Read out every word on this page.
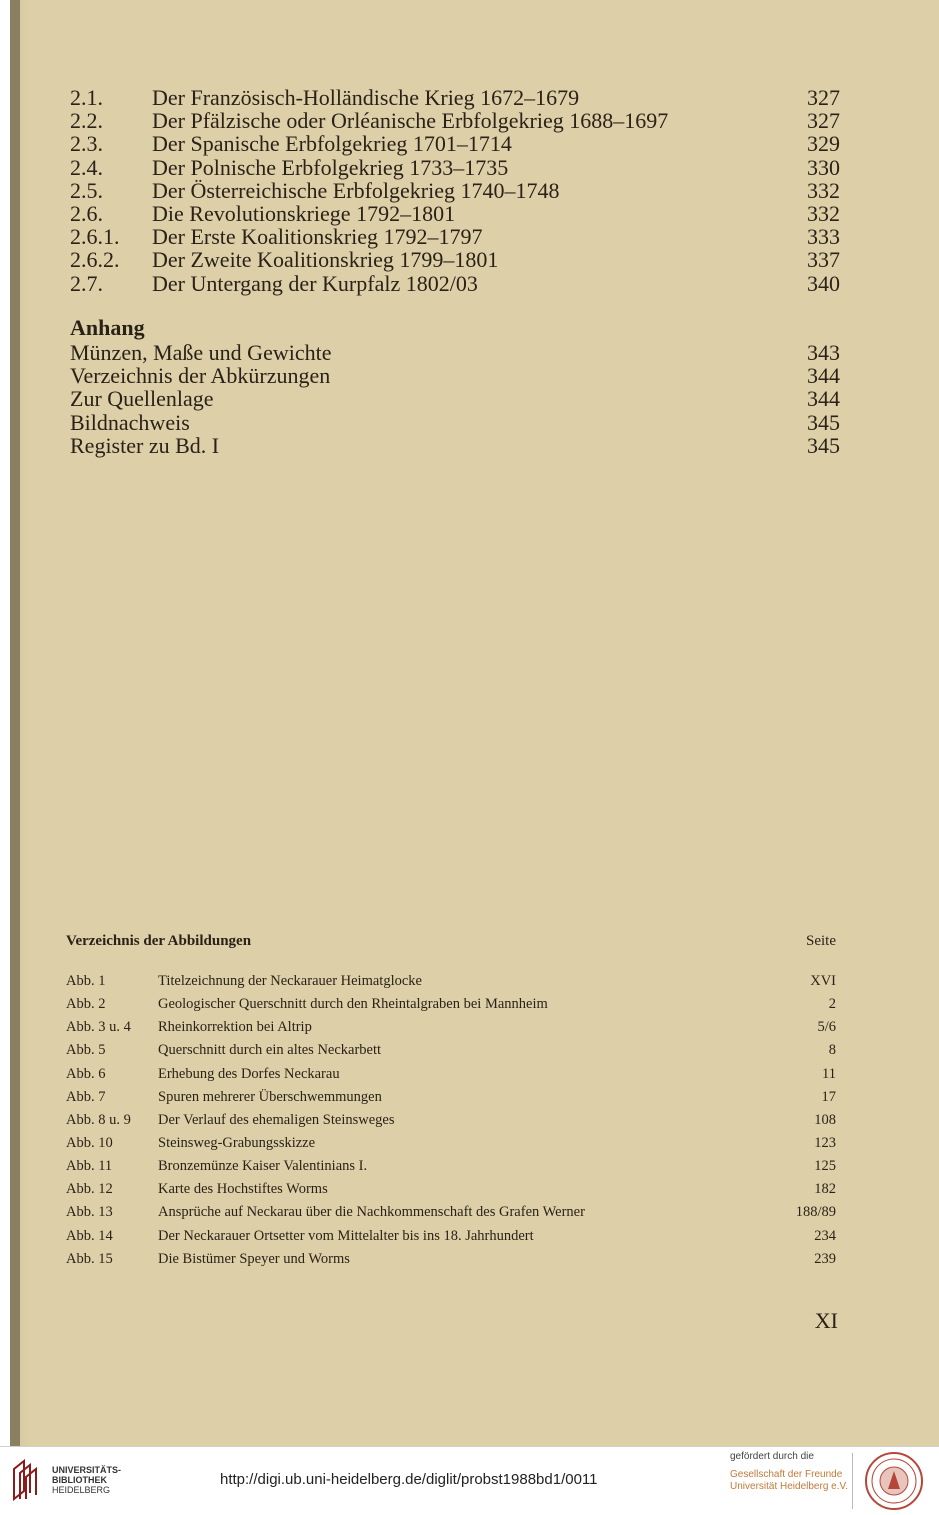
2.1.	Der Französisch-Holländische Krieg 1672–1679	327
2.2.	Der Pfälzische oder Orléanische Erbfolgekrieg 1688–1697	327
2.3.	Der Spanische Erbfolgekrieg 1701–1714	329
2.4.	Der Polnische Erbfolgekrieg 1733–1735	330
2.5.	Der Österreichische Erbfolgekrieg 1740–1748	332
2.6.	Die Revolutionskriege 1792–1801	332
2.6.1.	Der Erste Koalitionskrieg 1792–1797	333
2.6.2.	Der Zweite Koalitionskrieg 1799–1801	337
2.7.	Der Untergang der Kurpfalz 1802/03	340
Anhang
Münzen, Maße und Gewichte	343
Verzeichnis der Abkürzungen	344
Zur Quellenlage	344
Bildnachweis	345
Register zu Bd. I	345
Verzeichnis der Abbildungen	Seite
Abb. 1	Titelzeichnung der Neckarauer Heimatglocke	XVI
Abb. 2	Geologischer Querschnitt durch den Rheintalgraben bei Mannheim	2
Abb. 3 u. 4	Rheinkorrektion bei Altrip	5/6
Abb. 5	Querschnitt durch ein altes Neckarbett	8
Abb. 6	Erhebung des Dorfes Neckarau	11
Abb. 7	Spuren mehrerer Überschwemmungen	17
Abb. 8 u. 9	Der Verlauf des ehemaligen Steinsweges	108
Abb. 10	Steinsweg-Grabungsskizze	123
Abb. 11	Bronzemünze Kaiser Valentinians I.	125
Abb. 12	Karte des Hochstiftes Worms	182
Abb. 13	Ansprüche auf Neckarau über die Nachkommenschaft des Grafen Werner	188/89
Abb. 14	Der Neckarauer Ortsetter vom Mittelalter bis ins 18. Jahrhundert	234
Abb. 15	Die Bistümer Speyer und Worms	239
XI
UNIVERSITÄTS-
BIBLIOTHEK
HEIDELBERG
http://digi.ub.uni-heidelberg.de/diglit/probst1988bd1/0011
gefördert durch die
Gesellschaft der Freunde
Universität Heidelberg e.V.
